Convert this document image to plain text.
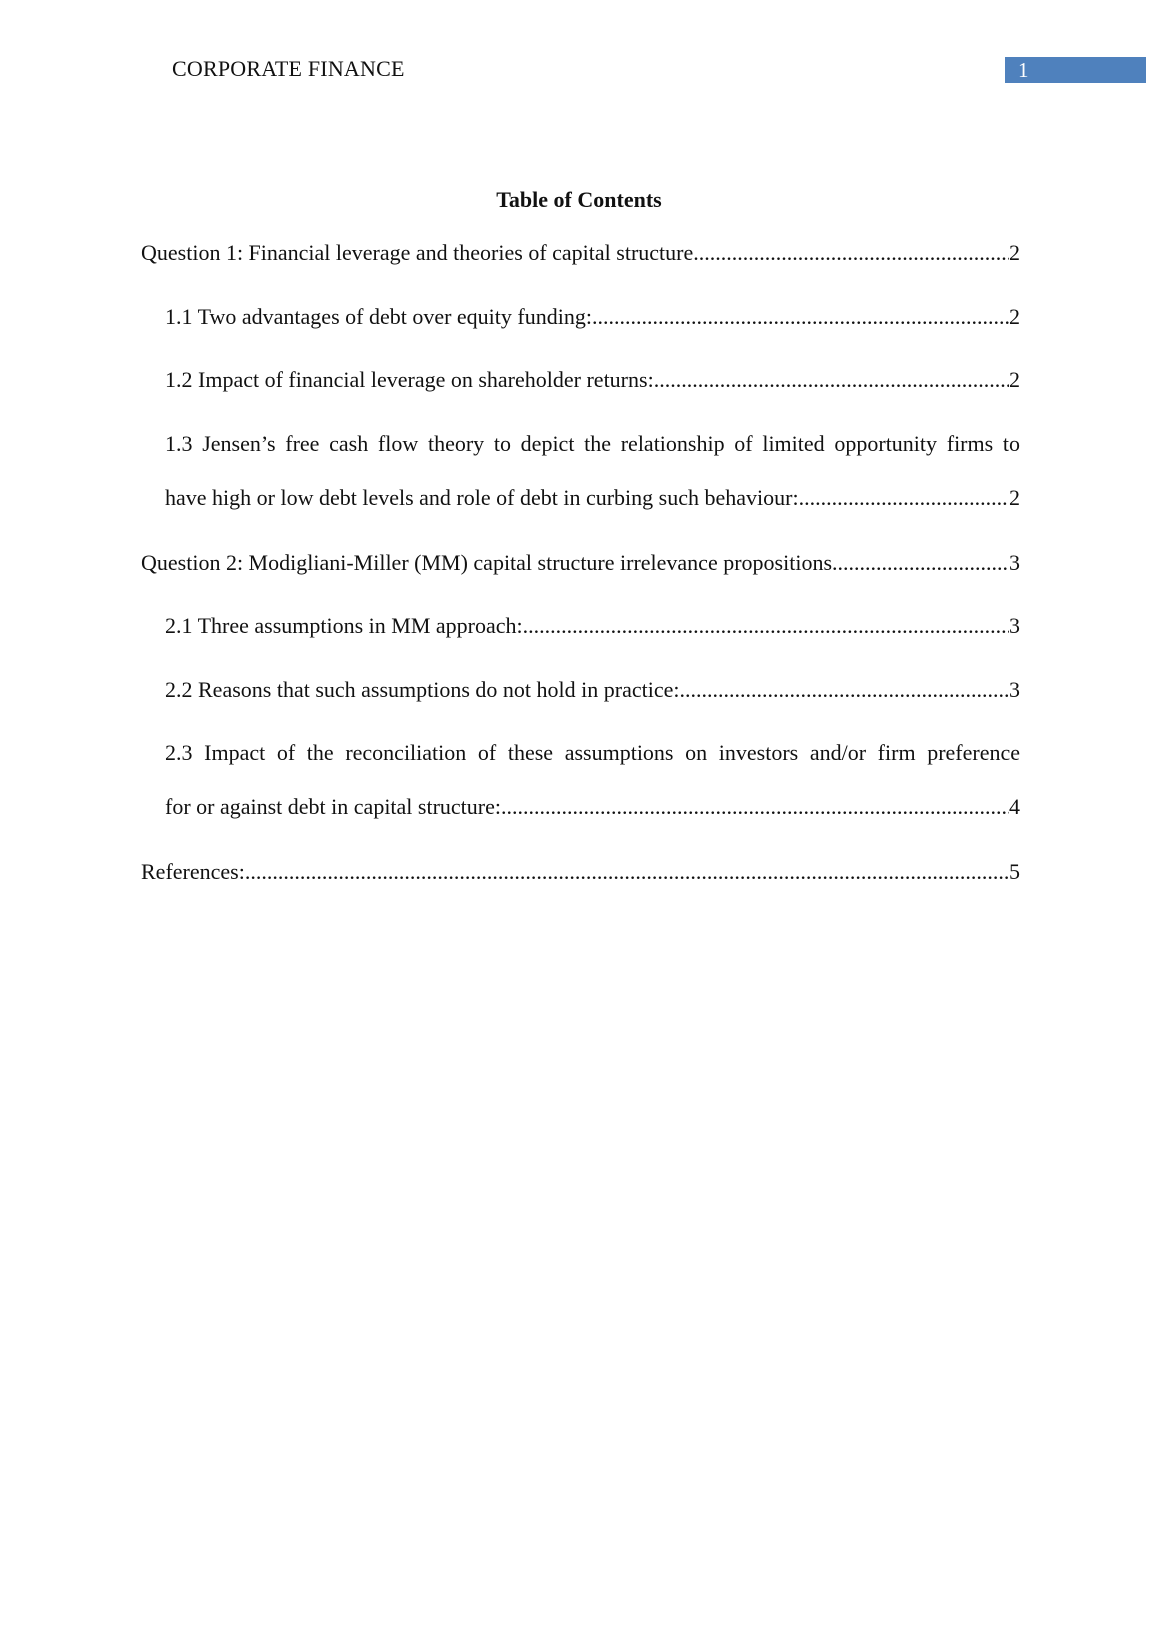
CORPORATE FINANCE	1
Table of Contents
Question 1: Financial leverage and theories of capital structure .....	2
1.1 Two advantages of debt over equity funding: .....	2
1.2 Impact of financial leverage on shareholder returns: .....	2
1.3 Jensen’s free cash flow theory to depict the relationship of limited opportunity firms to
have high or low debt levels and role of debt in curbing such behaviour: .....	2
Question 2: Modigliani-Miller (MM) capital structure irrelevance propositions .....	3
2.1 Three assumptions in MM approach: .....	3
2.2 Reasons that such assumptions do not hold in practice: .....	3
2.3 Impact of the reconciliation of these assumptions on investors and/or firm preference
for or against debt in capital structure: .....	4
References: .....	5
